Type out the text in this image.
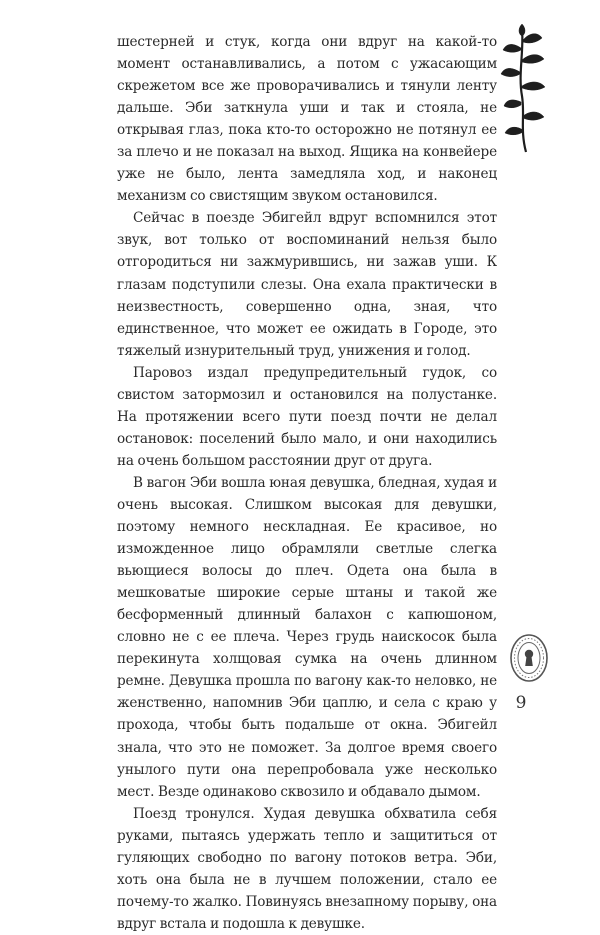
шестерней и стук, когда они вдруг на какой-то момент останавливались, а потом с ужасающим скрежетом все же проворачивались и тянули ленту дальше. Эби заткнула уши и так и стояла, не открывая глаз, пока кто-то осторожно не потянул ее за плечо и не показал на выход. Ящика на конвейере уже не было, лента замедляла ход, и наконец механизм со свистящим звуком остановился.

Сейчас в поезде Эбигейл вдруг вспомнился этот звук, вот только от воспоминаний нельзя было отгородиться ни зажмурившись, ни зажав уши. К глазам подступили слезы. Она ехала практически в неизвестность, совершенно одна, зная, что единственное, что может ее ожидать в Городе, это тяжелый изнурительный труд, унижения и голод.

Паровоз издал предупредительный гудок, со свистом затормозил и остановился на полустанке. На протяжении всего пути поезд почти не делал остановок: поселений было мало, и они находились на очень большом расстоянии друг от друга.

В вагон Эби вошла юная девушка, бледная, худая и очень высокая. Слишком высокая для девушки, поэтому немного нескладная. Ее красивое, но изможденное лицо обрамляли светлые слегка вьющиеся волосы до плеч. Одета она была в мешковатые широкие серые штаны и такой же бесформенный длинный балахон с капюшоном, словно не с ее плеча. Через грудь наискосок была перекинута холщовая сумка на очень длинном ремне. Девушка прошла по вагону как-то неловко, не женственно, напомнив Эби цаплю, и села с краю у прохода, чтобы быть подальше от окна. Эбигейл знала, что это не поможет. За долгое время своего унылого пути она перепробовала уже несколько мест. Везде одинаково сквозило и обдавало дымом.

Поезд тронулся. Худая девушка обхватила себя руками, пытаясь удержать тепло и защититься от гуляющих свободно по вагону потоков ветра. Эби, хоть она была не в лучшем положении, стало ее почему-то жалко. Повинуясь внезапному порыву, она вдруг встала и подошла к девушке.

9
